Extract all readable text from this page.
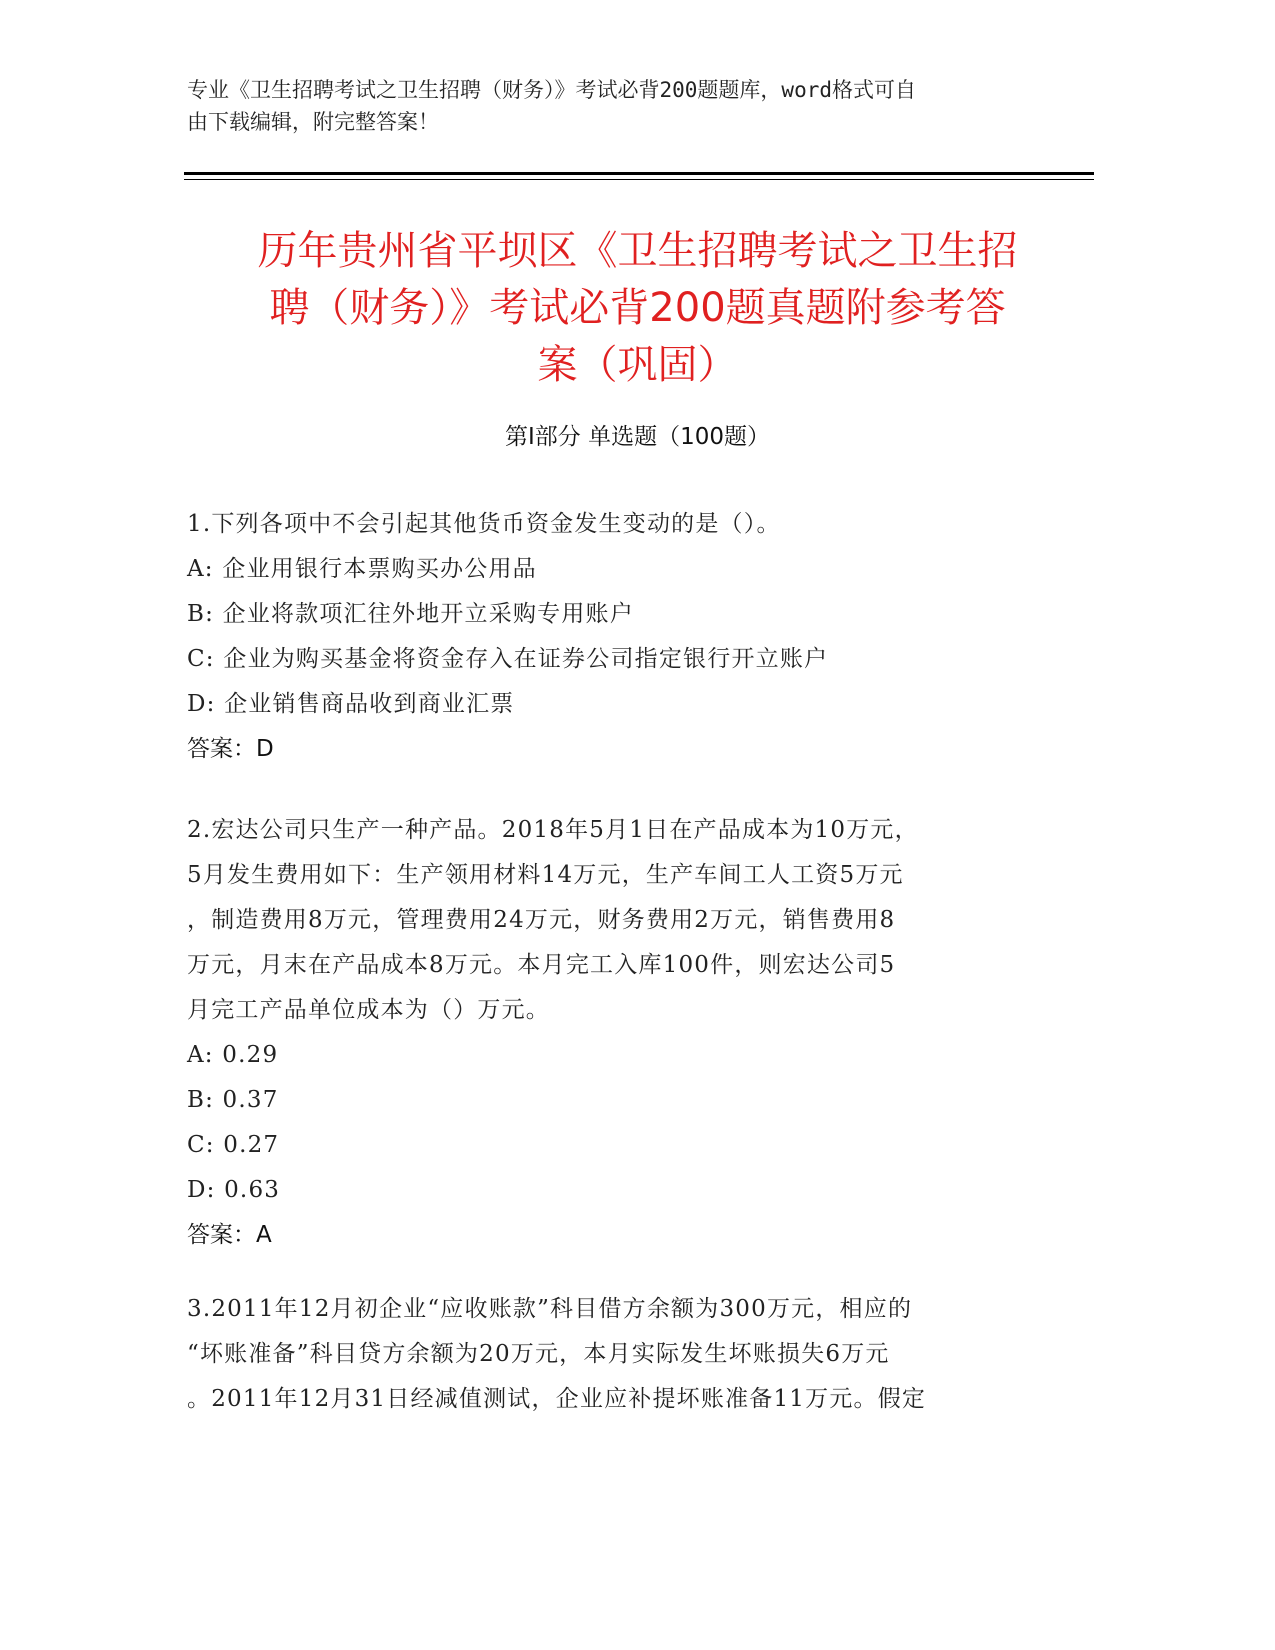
专业《卫生招聘考试之卫生招聘（财务）》考试必背200题题库，word格式可自
由下载编辑，附完整答案！
历年贵州省平坝区《卫生招聘考试之卫生招
聘（财务）》考试必背200题真题附参考答
案（巩固）
第Ⅰ部分 单选题（100题）
1.下列各项中不会引起其他货币资金发生变动的是（）。
A: 企业用银行本票购买办公用品
B: 企业将款项汇往外地开立采购专用账户
C: 企业为购买基金将资金存入在证券公司指定银行开立账户
D: 企业销售商品收到商业汇票
答案：D
2.宏达公司只生产一种产品。2018年5月1日在产品成本为10万元，
5月发生费用如下：生产领用材料14万元，生产车间工人工资5万元
，制造费用8万元，管理费用24万元，财务费用2万元，销售费用8
万元，月末在产品成本8万元。本月完工入库100件，则宏达公司5
月完工产品单位成本为（）万元。
A: 0.29
B: 0.37
C: 0.27
D: 0.63
答案：A
3.2011年12月初企业“应收账款”科目借方余额为300万元，相应的
“坏账准备”科目贷方余额为20万元，本月实际发生坏账损失6万元
。2011年12月31日经减值测试，企业应补提坏账准备11万元。假定
